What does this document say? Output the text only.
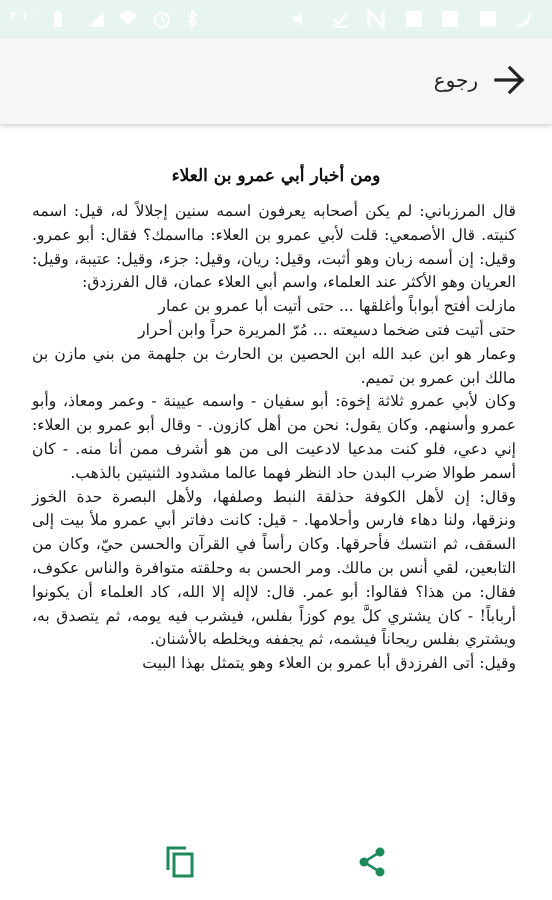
٢:١٠
رجوع
ومن أخبار أبي عمرو بن العلاء
قال المرزباني: لم يكن أصحابه يعرفون اسمه سنين إجلالاً له، قيل: اسمه كنيته. قال الأصمعي: قلت لأبي عمرو بن العلاء: مااسمك؟ فقال: أبو عمرو. وقيل: إن أسمه زبان وهو أثبت، وقيل: ريان، وقيل: جزء، وقيل: عتيبة، وقيل: العريان وهو الأكثر عند العلماء، واسم أبي العلاء عمان، قال الفرزدق:
مازلت أفتح أبواباً وأغلقها ... حتى أتيت أبا عمرو بن عمار
حتى أتيت فتى ضخما دسيعته ... مُرّ المريرة حراً وابن أحرار
وعمار هو ابن عبد الله ابن الحصين بن الحارث بن جلهمة من بني مازن بن مالك ابن عمرو بن تميم.
وكان لأبي عمرو ثلاثة إخوة: أبو سفيان - واسمه عيينة - وعمر ومعاذ، وأبو عمرو وأسنهم. وكان يقول: نحن من أهل كازون. - وقال أبو عمرو بن العلاء: إني دعي، فلو كنت مدعيا لادعيت الى من هو أشرف ممن أنا منه. - كان أسمر طوالا ضرب البدن حاد النظر فهما عالما مشدود الثنيتين بالذهب.
وقال: إن لأهل الكوفة حذلقة النبط وصلفها، ولأهل البصرة حدة الخوز ونزقها، ولنا دهاء فارس وأحلامها. - قيل: كانت دفاتر أبي عمرو ملأ بيت إلى السقف، ثم انتسك فأحرقها. وكان رأساً في القرآن والحسن حيّ، وكان من التابعين، لقي أنس بن مالك. ومر الحسن به وحلقته متوافرة والناس عكوف، فقال: من هذا؟ فقالوا: أبو عمر. قال: لاإله إلا الله، كاد العلماء أن يكونوا أرباباً! - كان يشتري كلَّ يوم كوزاً بفلس، فيشرب فيه يومه، ثم يتصدق به، ويشتري بفلس ريحاناً فيشمه، ثم يجففه ويخلطه بالأشنان.
وقيل: أتى الفرزدق أبا عمرو بن العلاء وهو يتمثل بهذا البيت
